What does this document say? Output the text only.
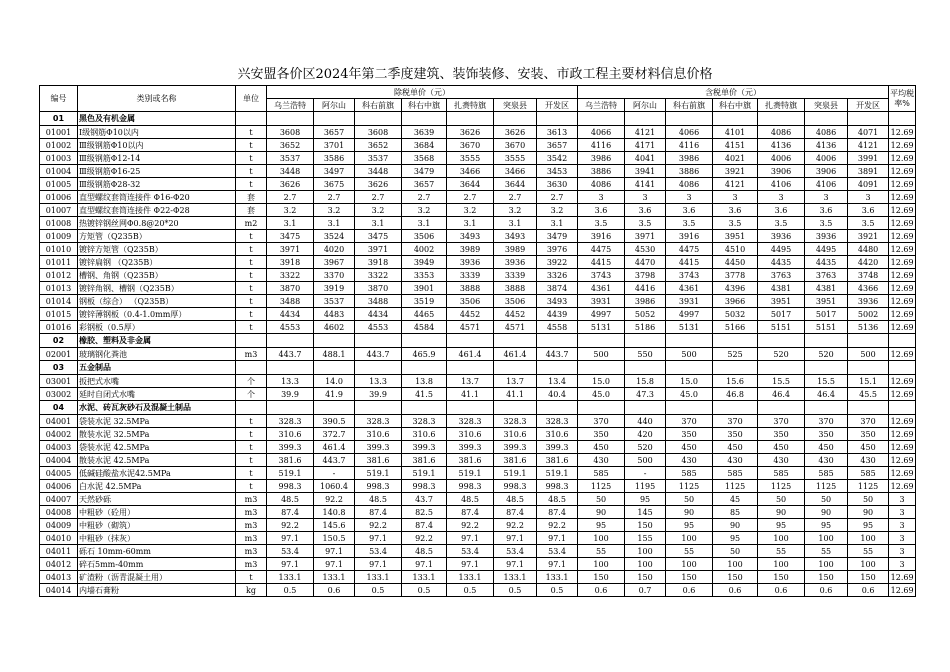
兴安盟各价区2024年第二季度建筑、装饰装修、安装、市政工程主要材料信息价格
编号	类别或名称	单位	除税单价（元）							含税单价（元）							平均税率%
			乌兰浩特	阿尔山	科右前旗	科右中旗	扎赉特旗	突泉县	开发区	乌兰浩特	阿尔山	科右前旗	科右中旗	扎赉特旗	突泉县	开发区	
01	黑色及有机金属																
01001	Ⅰ级钢筋Φ10以内	t	3608	3657	3608	3639	3626	3626	3613	4066	4121	4066	4101	4086	4086	4071	12.69
01002	Ⅲ级钢筋Φ10以内	t	3652	3701	3652	3684	3670	3670	3657	4116	4171	4116	4151	4136	4136	4121	12.69
01003	Ⅲ级钢筋Φ12-14	t	3537	3586	3537	3568	3555	3555	3542	3986	4041	3986	4021	4006	4006	3991	12.69
01004	Ⅲ级钢筋Φ16-25	t	3448	3497	3448	3479	3466	3466	3453	3886	3941	3886	3921	3906	3906	3891	12.69
01005	Ⅲ级钢筋Φ28-32	t	3626	3675	3626	3657	3644	3644	3630	4086	4141	4086	4121	4106	4106	4091	12.69
01006	直型螺纹套筒连接件 Φ16-Φ20	套	2.7	2.7	2.7	2.7	2.7	2.7	2.7	3	3	3	3	3	3	3	12.69
01007	直型螺纹套筒连接件 Φ22-Φ28	套	3.2	3.2	3.2	3.2	3.2	3.2	3.2	3.6	3.6	3.6	3.6	3.6	3.6	3.6	12.69
01008	热镀锌钢丝网Φ0.8@20*20	m2	3.1	3.1	3.1	3.1	3.1	3.1	3.1	3.5	3.5	3.5	3.5	3.5	3.5	3.5	12.69
01009	方矩管（Q235B）	t	3475	3524	3475	3506	3493	3493	3479	3916	3971	3916	3951	3936	3936	3921	12.69
01010	镀锌方矩管（Q235B）	t	3971	4020	3971	4002	3989	3989	3976	4475	4530	4475	4510	4495	4495	4480	12.69
01011	镀锌扁钢 （Q235B）	t	3918	3967	3918	3949	3936	3936	3922	4415	4470	4415	4450	4435	4435	4420	12.69
01012	槽钢、角钢（Q235B）	t	3322	3370	3322	3353	3339	3339	3326	3743	3798	3743	3778	3763	3763	3748	12.69
01013	镀锌角钢、槽钢（Q235B）	t	3870	3919	3870	3901	3888	3888	3874	4361	4416	4361	4396	4381	4381	4366	12.69
01014	钢板（综合） （Q235B）	t	3488	3537	3488	3519	3506	3506	3493	3931	3986	3931	3966	3951	3951	3936	12.69
01015	镀锌薄钢板（0.4-1.0mm厚）	t	4434	4483	4434	4465	4452	4452	4439	4997	5052	4997	5032	5017	5017	5002	12.69
01016	彩钢板（0.5厚）	t	4553	4602	4553	4584	4571	4571	4558	5131	5186	5131	5166	5151	5151	5136	12.69
02	橡胶、塑料及非金属																
02001	玻璃钢化粪池	m3	443.7	488.1	443.7	465.9	461.4	461.4	443.7	500	550	500	525	520	520	500	12.69
03	五金制品																
03001	扳把式水嘴	个	13.3	14.0	13.3	13.8	13.7	13.7	13.4	15.0	15.8	15.0	15.6	15.5	15.5	15.1	12.69
03002	延时自闭式水嘴	个	39.9	41.9	39.9	41.5	41.1	41.1	40.4	45.0	47.3	45.0	46.8	46.4	46.4	45.5	12.69
04	水泥、砖瓦灰砂石及混凝土制品																
04001	袋装水泥 32.5MPa	t	328.3	390.5	328.3	328.3	328.3	328.3	328.3	370	440	370	370	370	370	370	12.69
04002	散装水泥 32.5MPa	t	310.6	372.7	310.6	310.6	310.6	310.6	310.6	350	420	350	350	350	350	350	12.69
04003	袋装水泥 42.5MPa	t	399.3	461.4	399.3	399.3	399.3	399.3	399.3	450	520	450	450	450	450	450	12.69
04004	散装水泥 42.5MPa	t	381.6	443.7	381.6	381.6	381.6	381.6	381.6	430	500	430	430	430	430	430	12.69
04005	低碱硅酸盐水泥42.5MPa	t	519.1	-	519.1	519.1	519.1	519.1	519.1	585	-	585	585	585	585	585	12.69
04006	白水泥 42.5MPa	t	998.3	1060.4	998.3	998.3	998.3	998.3	998.3	1125	1195	1125	1125	1125	1125	1125	12.69
04007	天然砂砾	m3	48.5	92.2	48.5	43.7	48.5	48.5	48.5	50	95	50	45	50	50	50	3
04008	中粗砂（砼用）	m3	87.4	140.8	87.4	82.5	87.4	87.4	87.4	90	145	90	85	90	90	90	3
04009	中粗砂（砌筑）	m3	92.2	145.6	92.2	87.4	92.2	92.2	92.2	95	150	95	90	95	95	95	3
04010	中粗砂（抹灰）	m3	97.1	150.5	97.1	92.2	97.1	97.1	97.1	100	155	100	95	100	100	100	3
04011	砾石 10mm-60mm	m3	53.4	97.1	53.4	48.5	53.4	53.4	53.4	55	100	55	50	55	55	55	3
04012	碎石5mm-40mm	m3	97.1	97.1	97.1	97.1	97.1	97.1	97.1	100	100	100	100	100	100	100	3
04013	矿渣粉（沥青混凝土用）	t	133.1	133.1	133.1	133.1	133.1	133.1	133.1	150	150	150	150	150	150	150	12.69
04014	内墙石膏粉	kg	0.5	0.6	0.5	0.5	0.5	0.5	0.5	0.6	0.7	0.6	0.6	0.6	0.6	0.6	12.69
